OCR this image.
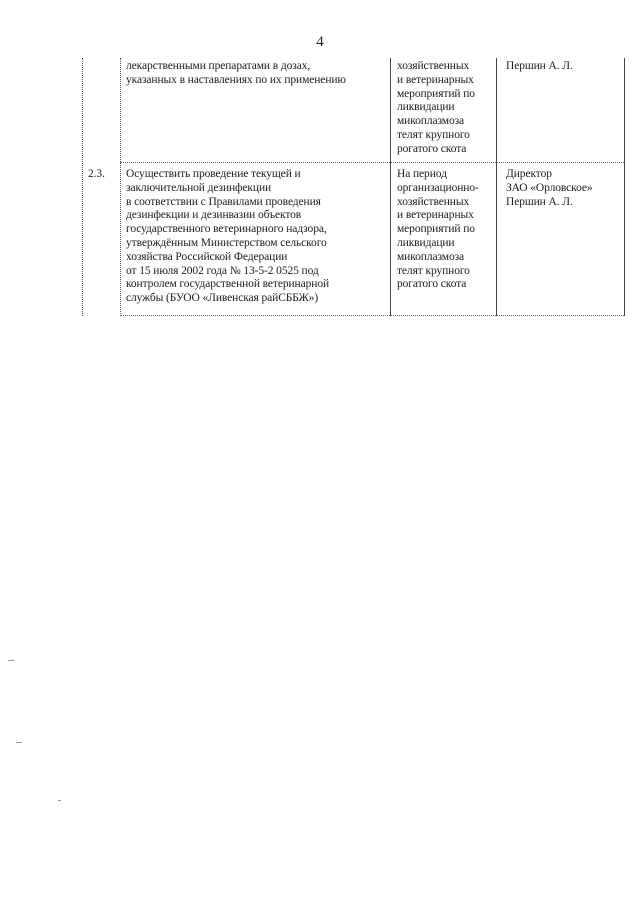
4
лекарственными препаратами в дозах,
указанных в наставлениях по их применению
хозяйственных
и ветеринарных
мероприятий по
ликвидации
микоплазмоза
телят крупного
рогатого скота
Першин А. Л.
2.3. Осуществить проведение текущей и
заключительной дезинфекции
в соответствии с Правилами проведения
дезинфекции и дезинвазии объектов
государственного ветеринарного надзора,
утверждённым Министерством сельского
хозяйства Российской Федерации
от 15 июля 2002 года № 13-5-2 0525 под
контролем государственной ветеринарной
службы (БУОО «Ливенская райСББЖ»)
На период
организационно-
хозяйственных
и ветеринарных
мероприятий по
ликвидации
микоплазмоза
телят крупного
рогатого скота
Директор
ЗАО «Орловское»
Першин А. Л.
